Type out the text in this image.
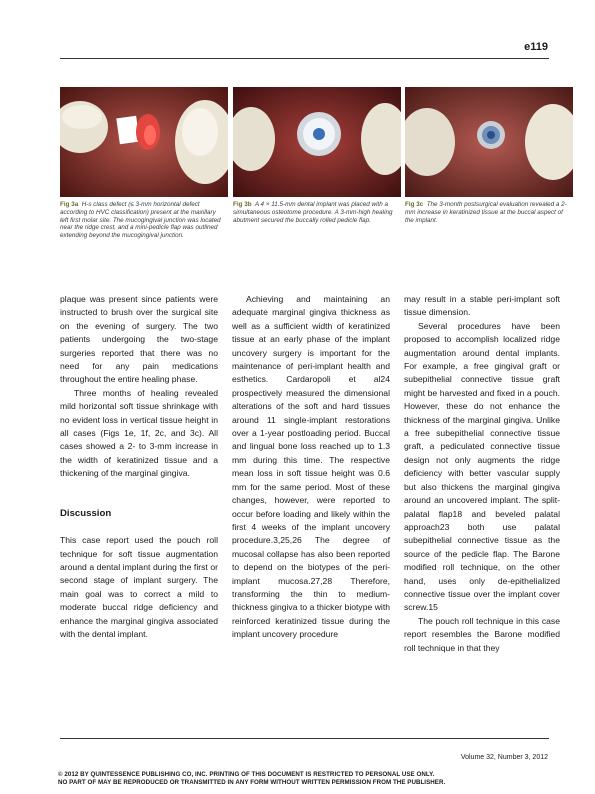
e119
Fig 3a H-s class defect (≤ 3-mm horizontal defect according to HVC classification) present at the maxillary left first molar site. The mucogingival junction was located near the ridge crest, and a mini-pedicle flap was outlined extending beyond the mucogingival junction.
Fig 3b A 4 × 11.5-mm dental implant was placed with a simultaneous osteotome procedure. A 3-mm-high healing abutment secured the buccally rolled pedicle flap.
Fig 3c The 3-month postsurgical evaluation revealed a 2-mm increase in keratinized tissue at the buccal aspect of the implant.

plaque was present since patients were instructed to brush over the surgical site on the evening of surgery. The two patients undergoing the two-stage surgeries reported that there was no need for any pain medications throughout the entire healing phase.

Three months of healing revealed mild horizontal soft tissue shrinkage with no evident loss in vertical tissue height in all cases (Figs 1e, 1f, 2c, and 3c). All cases showed a 2- to 3-mm increase in the width of keratinized tissue and a thickening of the marginal gingiva.

Discussion

This case report used the pouch roll technique for soft tissue augmentation around a dental implant during the first or second stage of implant surgery. The main goal was to correct a mild to moderate buccal ridge deficiency and enhance the marginal gingiva associated with the dental implant.

Achieving and maintaining an adequate marginal gingiva thickness as well as a sufficient width of keratinized tissue at an early phase of the implant uncovery surgery is important for the maintenance of peri-implant health and esthetics. Cardaropoli et al24 prospectively measured the dimensional alterations of the soft and hard tissues around 11 single-implant restorations over a 1-year postloading period. Buccal and lingual bone loss reached up to 1.3 mm during this time. The respective mean loss in soft tissue height was 0.6 mm for the same period. Most of these changes, however, were reported to occur before loading and likely within the first 4 weeks of the implant uncovery procedure.3,25,26 The degree of mucosal collapse has also been reported to depend on the biotypes of the peri-implant mucosa.27,28 Therefore, transforming the thin to medium-thickness gingiva to a thicker biotype with reinforced keratinized tissue during the implant uncovery procedure

may result in a stable peri-implant soft tissue dimension.

Several procedures have been proposed to accomplish localized ridge augmentation around dental implants. For example, a free gingival graft or subepithelial connective tissue graft might be harvested and fixed in a pouch. However, these do not enhance the thickness of the marginal gingiva. Unlike a free subepithelial connective tissue graft, a pediculated connective tissue design not only augments the ridge deficiency with better vascular supply but also thickens the marginal gingiva around an uncovered implant. The split-palatal flap18 and beveled palatal approach23 both use palatal subepithelial connective tissue as the source of the pedicle flap. The Barone modified roll technique, on the other hand, uses only de-epithelialized connective tissue over the implant cover screw.15

The pouch roll technique in this case report resembles the Barone modified roll technique in that they

Volume 32, Number 3, 2012
© 2012 BY QUINTESSENCE PUBLISHING CO, INC. PRINTING OF THIS DOCUMENT IS RESTRICTED TO PERSONAL USE ONLY.
NO PART OF MAY BE REPRODUCED OR TRANSMITTED IN ANY FORM WITHOUT WRITTEN PERMISSION FROM THE PUBLISHER.
